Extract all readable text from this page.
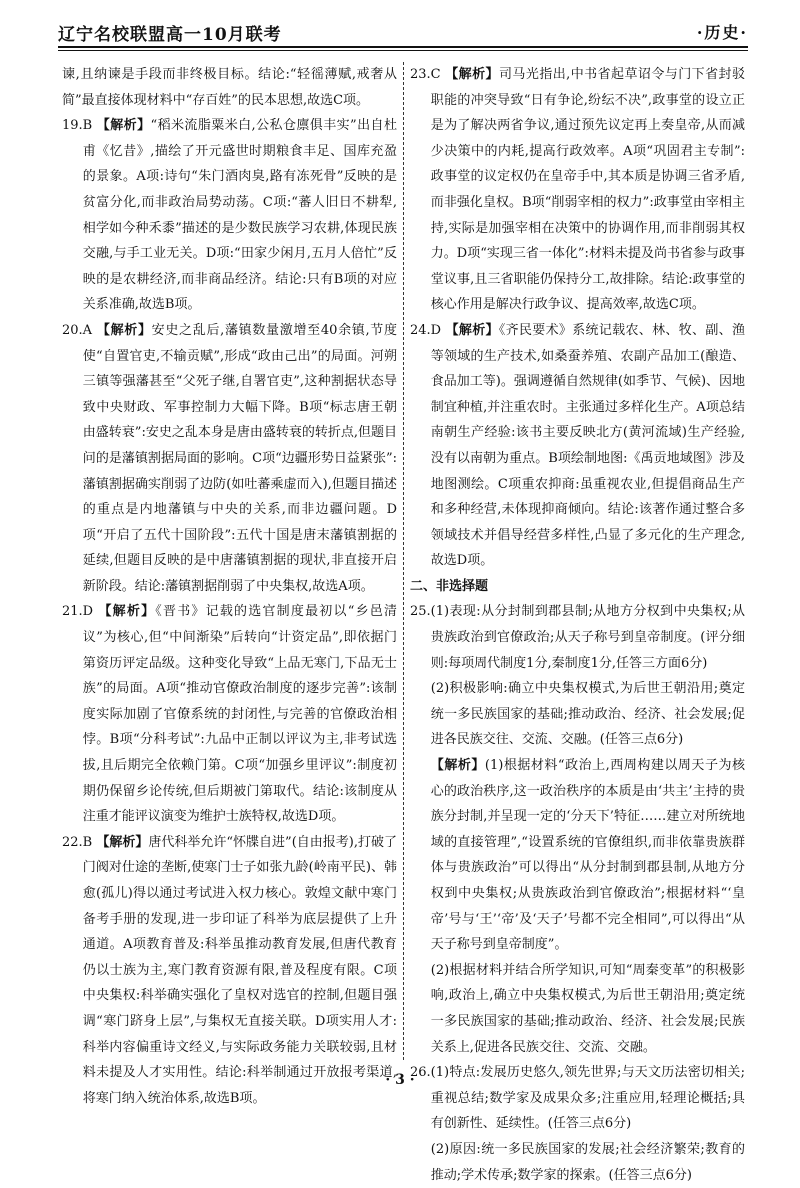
辽宁名校联盟高一10月联考	·历史·

谏,且纳谏是手段而非终极目标。结论:“轻徭薄赋,戒奢从简”最直接体现材料中“存百姓”的民本思想,故选C项。

19.B 【解析】“稻米流脂粟米白,公私仓廪俱丰实”出自杜甫《忆昔》,描绘了开元盛世时期粮食丰足、国库充盈的景象。A项:诗句“朱门酒肉臭,路有冻死骨”反映的是贫富分化,而非政治局势动荡。C项:“蕃人旧日不耕犁,相学如今种禾黍”描述的是少数民族学习农耕,体现民族交融,与手工业无关。D项:“田家少闲月,五月人倍忙”反映的是农耕经济,而非商品经济。结论:只有B项的对应关系准确,故选B项。

20.A 【解析】安史之乱后,藩镇数量激增至40余镇,节度使“自置官吏,不输贡赋”,形成“政由己出”的局面。河朔三镇等强藩甚至“父死子继,自署官吏”,这种割据状态导致中央财政、军事控制力大幅下降。B项“标志唐王朝由盛转衰”:安史之乱本身是唐由盛转衰的转折点,但题目问的是藩镇割据局面的影响。C项“边疆形势日益紧张”:藩镇割据确实削弱了边防(如吐蕃乘虚而入),但题目描述的重点是内地藩镇与中央的关系,而非边疆问题。D项“开启了五代十国阶段”:五代十国是唐末藩镇割据的延续,但题目反映的是中唐藩镇割据的现状,非直接开启新阶段。结论:藩镇割据削弱了中央集权,故选A项。

21.D 【解析】《晋书》记载的选官制度最初以“乡邑清议”为核心,但“中间渐染”后转向“计资定品”,即依据门第资历评定品级。这种变化导致“上品无寒门,下品无士族”的局面。A项“推动官僚政治制度的逐步完善”:该制度实际加剧了官僚系统的封闭性,与完善的官僚政治相悖。B项“分科考试”:九品中正制以评议为主,非考试选拔,且后期完全依赖门第。C项“加强乡里评议”:制度初期仍保留乡论传统,但后期被门第取代。结论:该制度从注重才能评议演变为维护士族特权,故选D项。

22.B 【解析】唐代科举允许“怀牒自进”(自由报考),打破了门阀对仕途的垄断,使寒门士子如张九龄(岭南平民)、韩愈(孤儿)得以通过考试进入权力核心。敦煌文献中寒门备考手册的发现,进一步印证了科举为底层提供了上升通道。A项教育普及:科举虽推动教育发展,但唐代教育仍以士族为主,寒门教育资源有限,普及程度有限。C项中央集权:科举确实强化了皇权对选官的控制,但题目强调“寒门跻身上层”,与集权无直接关联。D项实用人才:科举内容偏重诗文经义,与实际政务能力关联较弱,且材料未提及人才实用性。结论:科举制通过开放报考渠道,将寒门纳入统治体系,故选B项。

23.C 【解析】司马光指出,中书省起草诏令与门下省封驳职能的冲突导致“日有争论,纷纭不决”,政事堂的设立正是为了解决两省争议,通过预先议定再上奏皇帝,从而减少决策中的内耗,提高行政效率。A项“巩固君主专制”:政事堂的议定权仍在皇帝手中,其本质是协调三省矛盾,而非强化皇权。B项“削弱宰相的权力”:政事堂由宰相主持,实际是加强宰相在决策中的协调作用,而非削弱其权力。D项“实现三省一体化”:材料未提及尚书省参与政事堂议事,且三省职能仍保持分工,故排除。结论:政事堂的核心作用是解决行政争议、提高效率,故选C项。

24.D 【解析】《齐民要术》系统记载农、林、牧、副、渔等领域的生产技术,如桑蚕养殖、农副产品加工(酿造、食品加工等)。强调遵循自然规律(如季节、气候)、因地制宜种植,并注重农时。主张通过多样化生产。A项总结南朝生产经验:该书主要反映北方(黄河流域)生产经验,没有以南朝为重点。B项绘制地图:《禹贡地域图》涉及地图测绘。C项重农抑商:虽重视农业,但提倡商品生产和多种经营,未体现抑商倾向。结论:该著作通过整合多领域技术并倡导经营多样性,凸显了多元化的生产理念,故选D项。

二、非选择题

25.(1)表现:从分封制到郡县制;从地方分权到中央集权;从贵族政治到官僚政治;从天子称号到皇帝制度。(评分细则:每项周代制度1分,秦制度1分,任答三方面6分)

(2)积极影响:确立中央集权模式,为后世王朝沿用;奠定统一多民族国家的基础;推动政治、经济、社会发展;促进各民族交往、交流、交融。(任答三点6分)

【解析】(1)根据材料“政治上,西周构建以周天子为核心的政治秩序,这一政治秩序的本质是由‘共主’主持的贵族分封制,并呈现一定的‘分天下’特征……建立对所统地域的直接管理”,“设置系统的官僚组织,而非依靠贵族群体与贵族政治”可以得出“从分封制到郡县制,从地方分权到中央集权;从贵族政治到官僚政治”;根据材料“‘皇帝’号与‘王’‘帝’及‘天子’号都不完全相同”,可以得出“从天子称号到皇帝制度”。

(2)根据材料并结合所学知识,可知“周秦变革”的积极影响,政治上,确立中央集权模式,为后世王朝沿用;奠定统一多民族国家的基础;推动政治、经济、社会发展;民族关系上,促进各民族交往、交流、交融。

26.(1)特点:发展历史悠久,领先世界;与天文历法密切相关;重视总结;数学家及成果众多;注重应用,轻理论概括;具有创新性、延续性。(任答三点6分)

(2)原因:统一多民族国家的发展;社会经济繁荣;教育的推动;学术传承;数学家的探索。(任答三点6分)

· 3 ·
